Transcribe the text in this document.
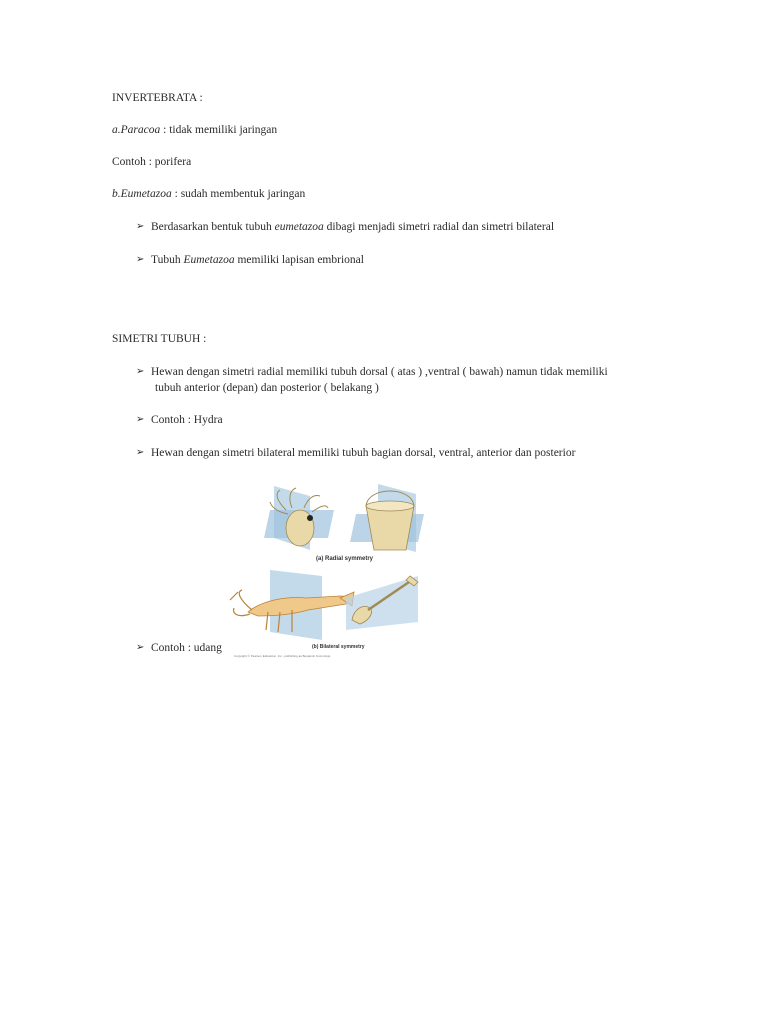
INVERTEBRATA :
a.Paracoa : tidak memiliki jaringan
Contoh : porifera
b.Eumetazoa : sudah membentuk jaringan
➢ Berdasarkan bentuk tubuh eumetazoa dibagi menjadi simetri radial dan simetri bilateral
➢ Tubuh Eumetazoa memiliki lapisan embrional
SIMETRI TUBUH :
➢ Hewan dengan simetri radial memiliki tubuh dorsal ( atas ) ,ventral ( bawah) namun tidak memiliki
tubuh anterior (depan) dan posterior ( belakang )
➢ Contoh : Hydra
➢ Hewan dengan simetri bilateral memiliki tubuh bagian dorsal, ventral, anterior dan posterior
(a) Radial symmetry
(b) Bilateral symmetry
Copyright © Pearson Education, Inc., publishing as Benjamin Cummings
➢ Contoh : udang
